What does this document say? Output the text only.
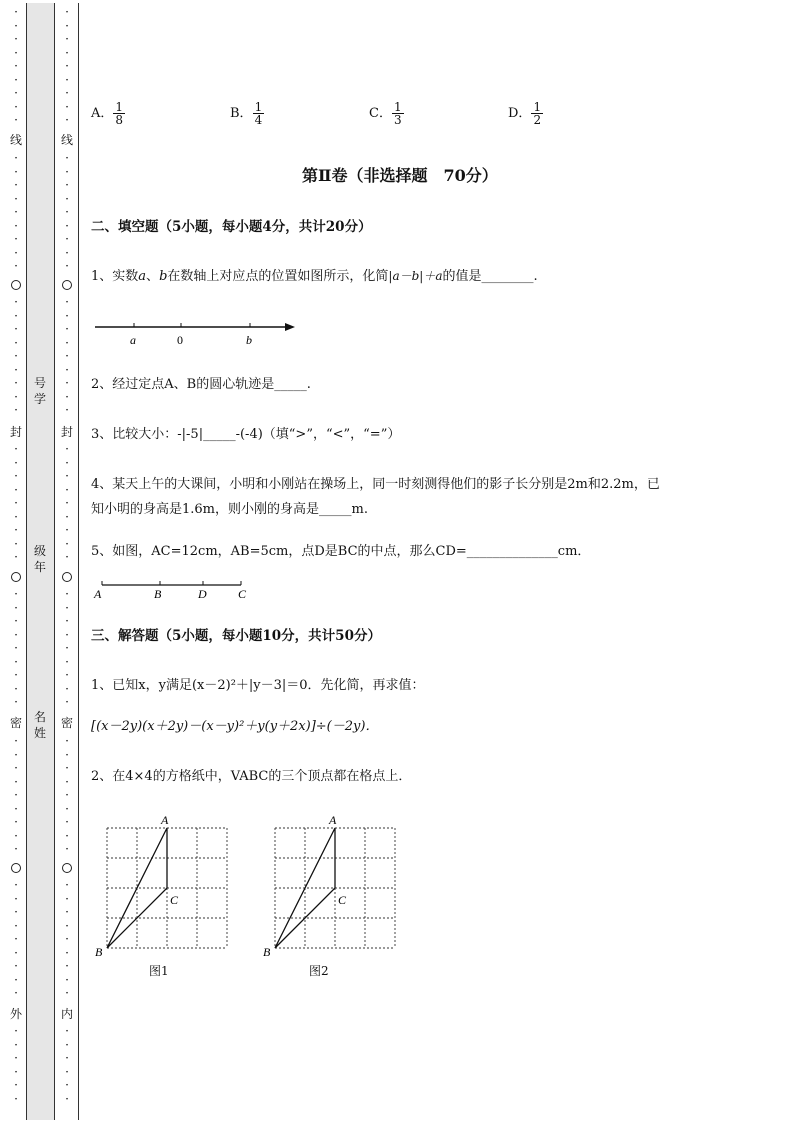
·
·
·
·
·
·
·
·
·
线
·
·
·
·
·
·
·
·
·
·
·
·
·
·
·
·
·
·
封
·
·
·
·
·
·
·
·
·
·
·
·
·
·
·
·
·
·
密
·
·
·
·
·
·
·
·
·
·
·
·
·
·
·
·
·
·
外
·
·
·
·
·
·
号
学
级
年
名
姓
·
·
·
·
·
·
·
·
·
线
·
·
·
·
·
·
·
·
·
·
·
·
·
·
·
·
·
·
封
·
·
·
·
·
·
·
·
·
·
·
·
·
·
·
·
·
·
密
·
·
·
·
·
·
·
·
·
·
·
·
·
·
·
·
·
·
内
·
·
·
·
·
·
A． $\frac{1}{8}$	B． $\frac{1}{4}$	C． $\frac{1}{3}$	D． $\frac{1}{2}$
第Ⅱ卷（非选择题　70分）
二、填空题（5小题，每小题4分，共计20分）
1、实数a、b在数轴上对应点的位置如图所示，化简|a－b|＋a的值是________.
a	0	b
2、经过定点A、B的圆心轨迹是_____.
3、比较大小：-|-5|_____-(-4)（填“>”，“<”，“=”）
4、某天上午的大课间，小明和小刚站在操场上，同一时刻测得他们的影子长分别是2m和2.2m，已
知小明的身高是1.6m，则小刚的身高是_____m.
5、如图，AC=12cm，AB=5cm，点D是BC的中点，那么CD=______________cm．
A	B	D	C
三、解答题（5小题，每小题10分，共计50分）
1、已知x，y满足(x－2)²＋|y－3|＝0．先化简，再求值：
[(x－2y)(x＋2y)－(x－y)²＋y(y＋2x)]÷(－2y)．
2、在4×4的方格纸中，VABC的三个顶点都在格点上．
A
C
B
图1
A
C
B
图2
